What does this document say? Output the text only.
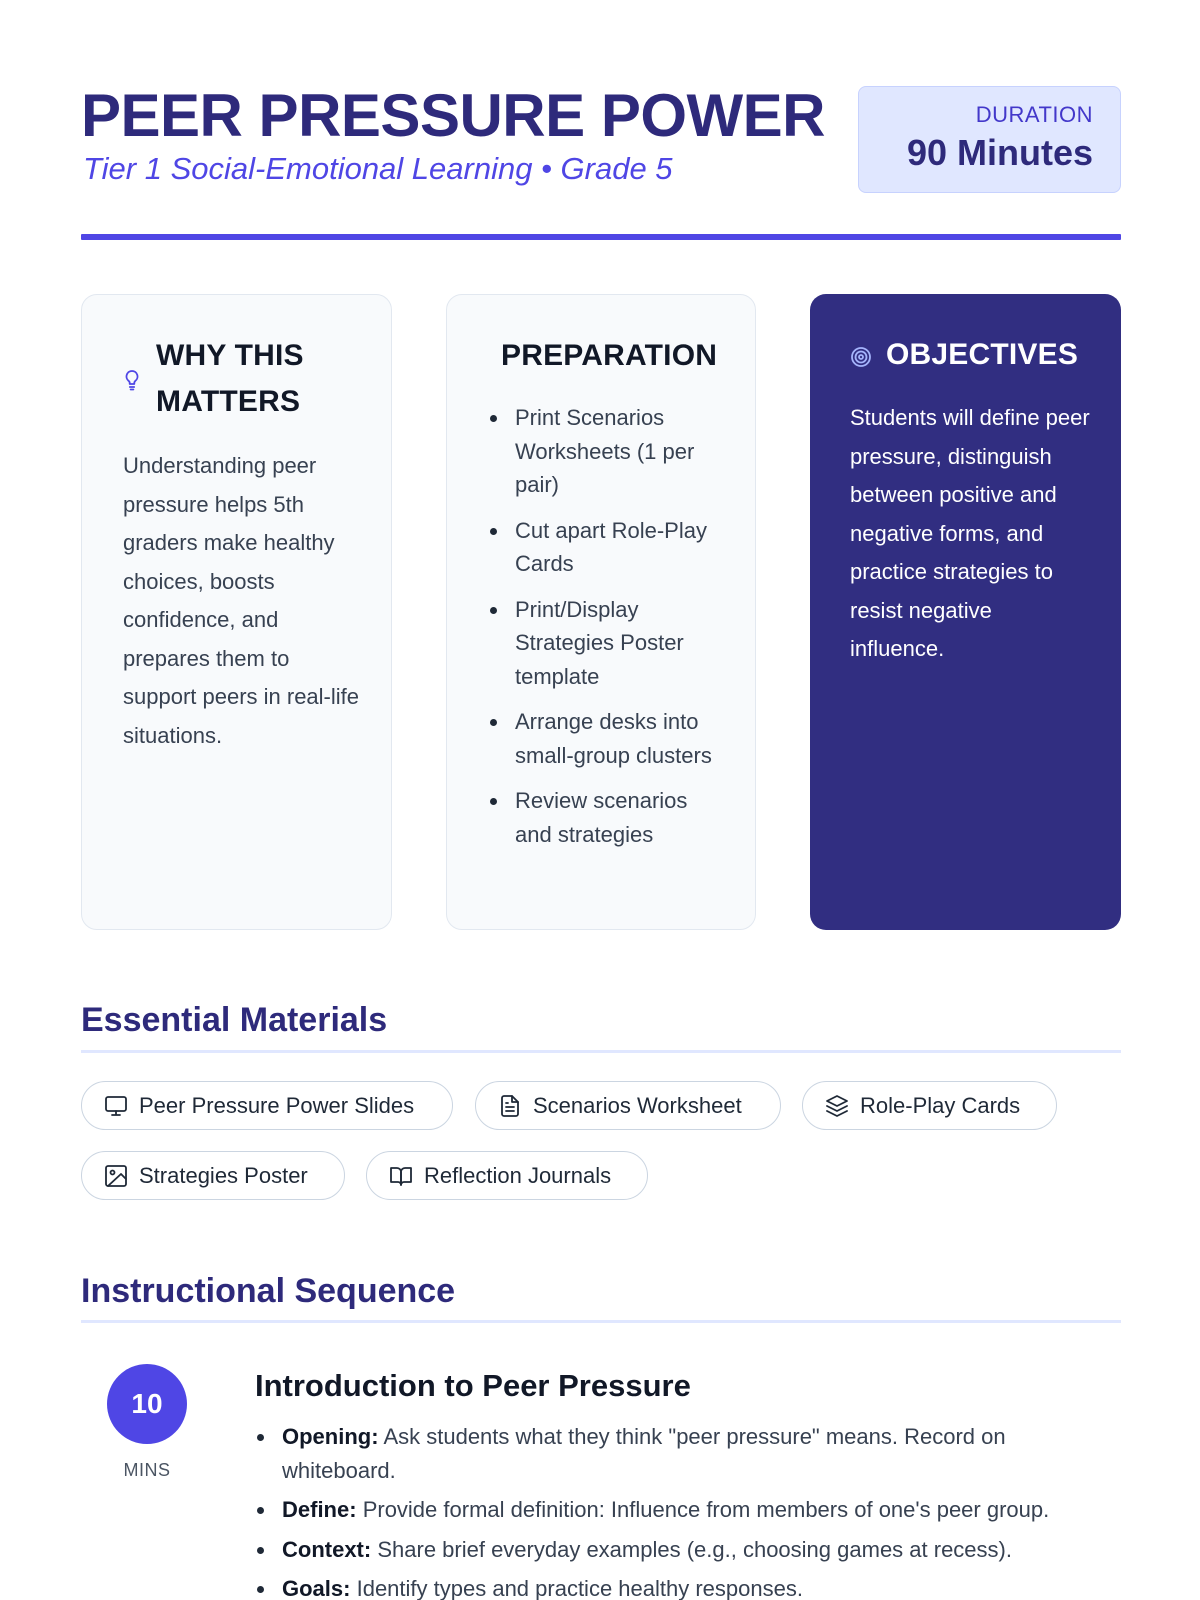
PEER PRESSURE POWER
Tier 1 Social-Emotional Learning • Grade 5
DURATION
90 Minutes
WHY THIS MATTERS

Understanding peer pressure helps 5th graders make healthy choices, boosts confidence, and prepares them to support peers in real-life situations.

PREPARATION
Print Scenarios Worksheets (1 per pair)
Cut apart Role-Play Cards
Print/Display Strategies Poster template
Arrange desks into small-group clusters
Review scenarios and strategies
OBJECTIVES

Students will define peer pressure, distinguish between positive and negative forms, and practice strategies to resist negative influence.

Essential Materials
Peer Pressure Power Slides	Scenarios Worksheet	Role-Play Cards
Strategies Poster	Reflection Journals
Instructional Sequence
10
MINS
Introduction to Peer Pressure
Opening: Ask students what they think "peer pressure" means. Record on whiteboard.
Define: Provide formal definition: Influence from members of one's peer group.
Context: Share brief everyday examples (e.g., choosing games at recess).
Goals: Identify types and practice healthy responses.
